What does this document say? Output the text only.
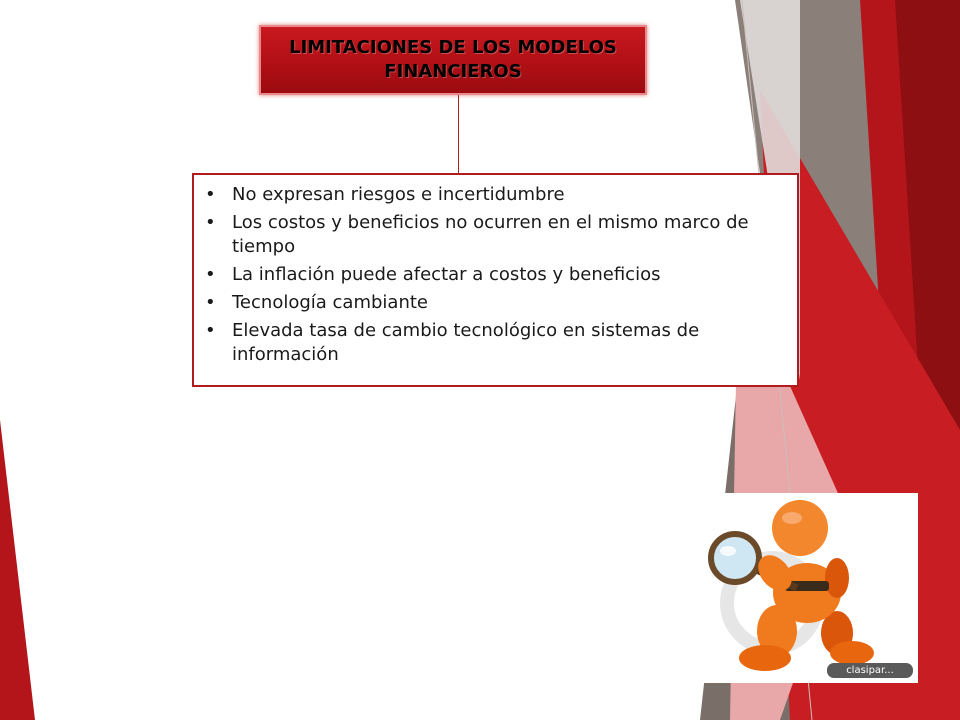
LIMITACIONES DE LOS MODELOS FINANCIEROS
• No expresan riesgos e incertidumbre
• Los costos y beneficios no ocurren en el mismo marco de tiempo
• La inflación puede afectar a costos y beneficios
• Tecnología cambiante
• Elevada tasa de cambio tecnológico en sistemas de información
clasipar...
